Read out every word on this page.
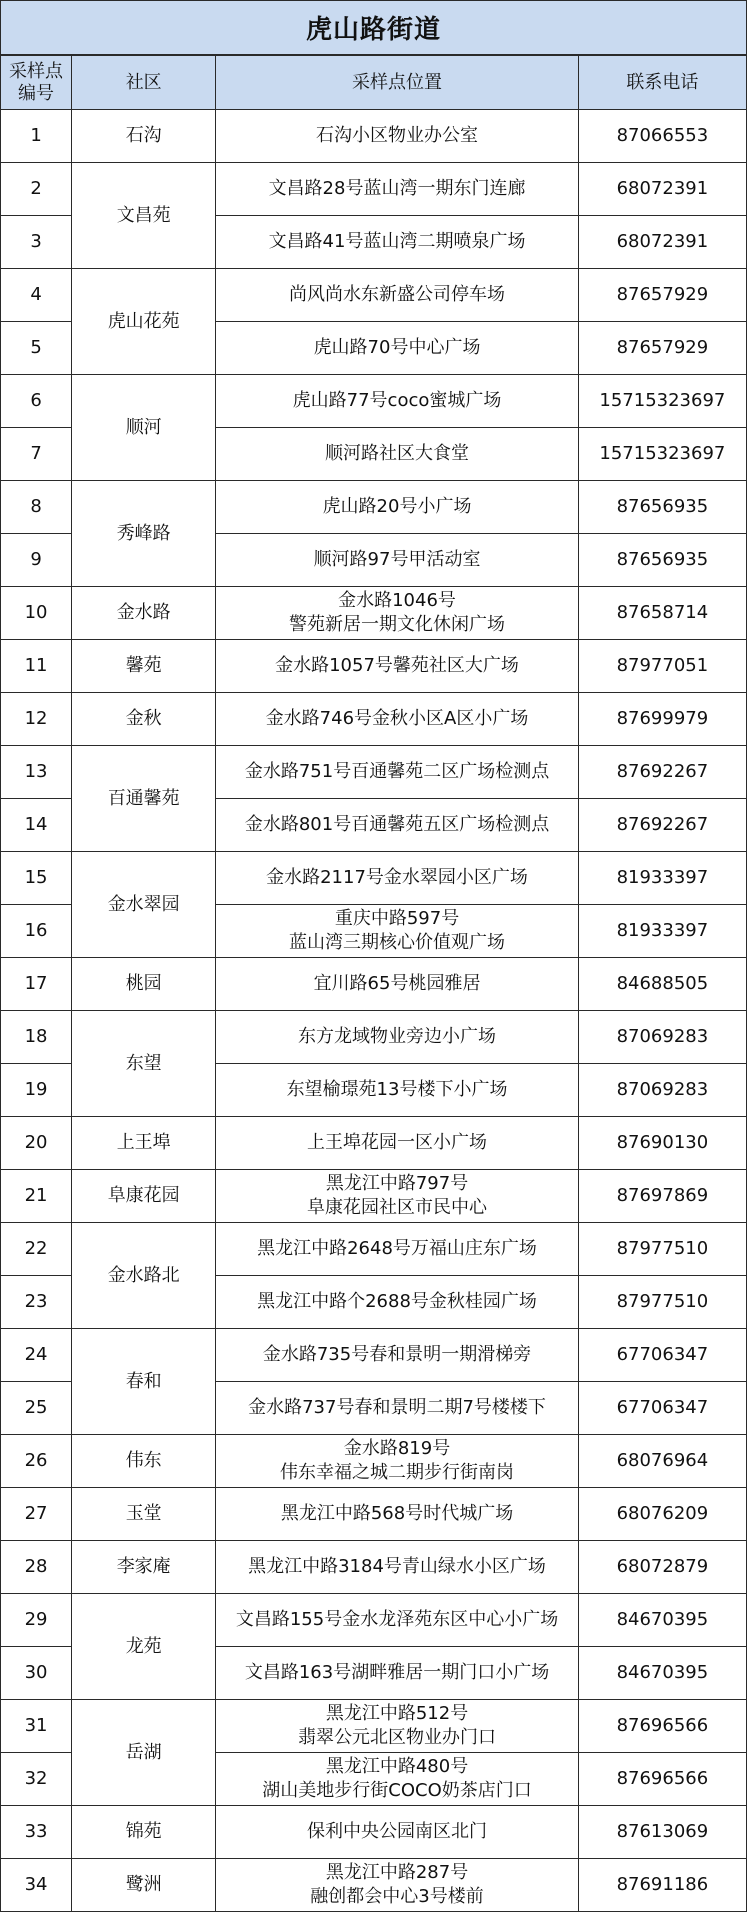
虎山路街道
采样点编号	社区	采样点位置	联系电话
1	石沟	石沟小区物业办公室	87066553
2	文昌苑	文昌路28号蓝山湾一期东门连廊	68072391
3		文昌路41号蓝山湾二期喷泉广场	68072391
4	虎山花苑	尚风尚水东新盛公司停车场	87657929
5		虎山路70号中心广场	87657929
6	顺河	虎山路77号coco蜜城广场	15715323697
7		顺河路社区大食堂	15715323697
8	秀峰路	虎山路20号小广场	87656935
9		顺河路97号甲活动室	87656935
10	金水路	金水路1046号
警苑新居一期文化休闲广场	87658714
11	馨苑	金水路1057号馨苑社区大广场	87977051
12	金秋	金水路746号金秋小区A区小广场	87699979
13	百通馨苑	金水路751号百通馨苑二区广场检测点	87692267
14		金水路801号百通馨苑五区广场检测点	87692267
15	金水翠园	金水路2117号金水翠园小区广场	81933397
16		重庆中路597号
蓝山湾三期核心价值观广场	81933397
17	桃园	宜川路65号桃园雅居	84688505
18	东望	东方龙域物业旁边小广场	87069283
19		东望榆璟苑13号楼下小广场	87069283
20	上王埠	上王埠花园一区小广场	87690130
21	阜康花园	黑龙江中路797号
阜康花园社区市民中心	87697869
22	金水路北	黑龙江中路2648号万福山庄东广场	87977510
23		黑龙江中路个2688号金秋桂园广场	87977510
24	春和	金水路735号春和景明一期滑梯旁	67706347
25		金水路737号春和景明二期7号楼楼下	67706347
26	伟东	金水路819号
伟东幸福之城二期步行街南岗	68076964
27	玉堂	黑龙江中路568号时代城广场	68076209
28	李家庵	黑龙江中路3184号青山绿水小区广场	68072879
29	龙苑	文昌路155号金水龙泽苑东区中心小广场	84670395
30		文昌路163号湖畔雅居一期门口小广场	84670395
31	岳湖	黑龙江中路512号
翡翠公元北区物业办门口	87696566
32		黑龙江中路480号
湖山美地步行街COCO奶茶店门口	87696566
33	锦苑	保利中央公园南区北门	87613069
34	鹭洲	黑龙江中路287号
融创都会中心3号楼前	87691186
